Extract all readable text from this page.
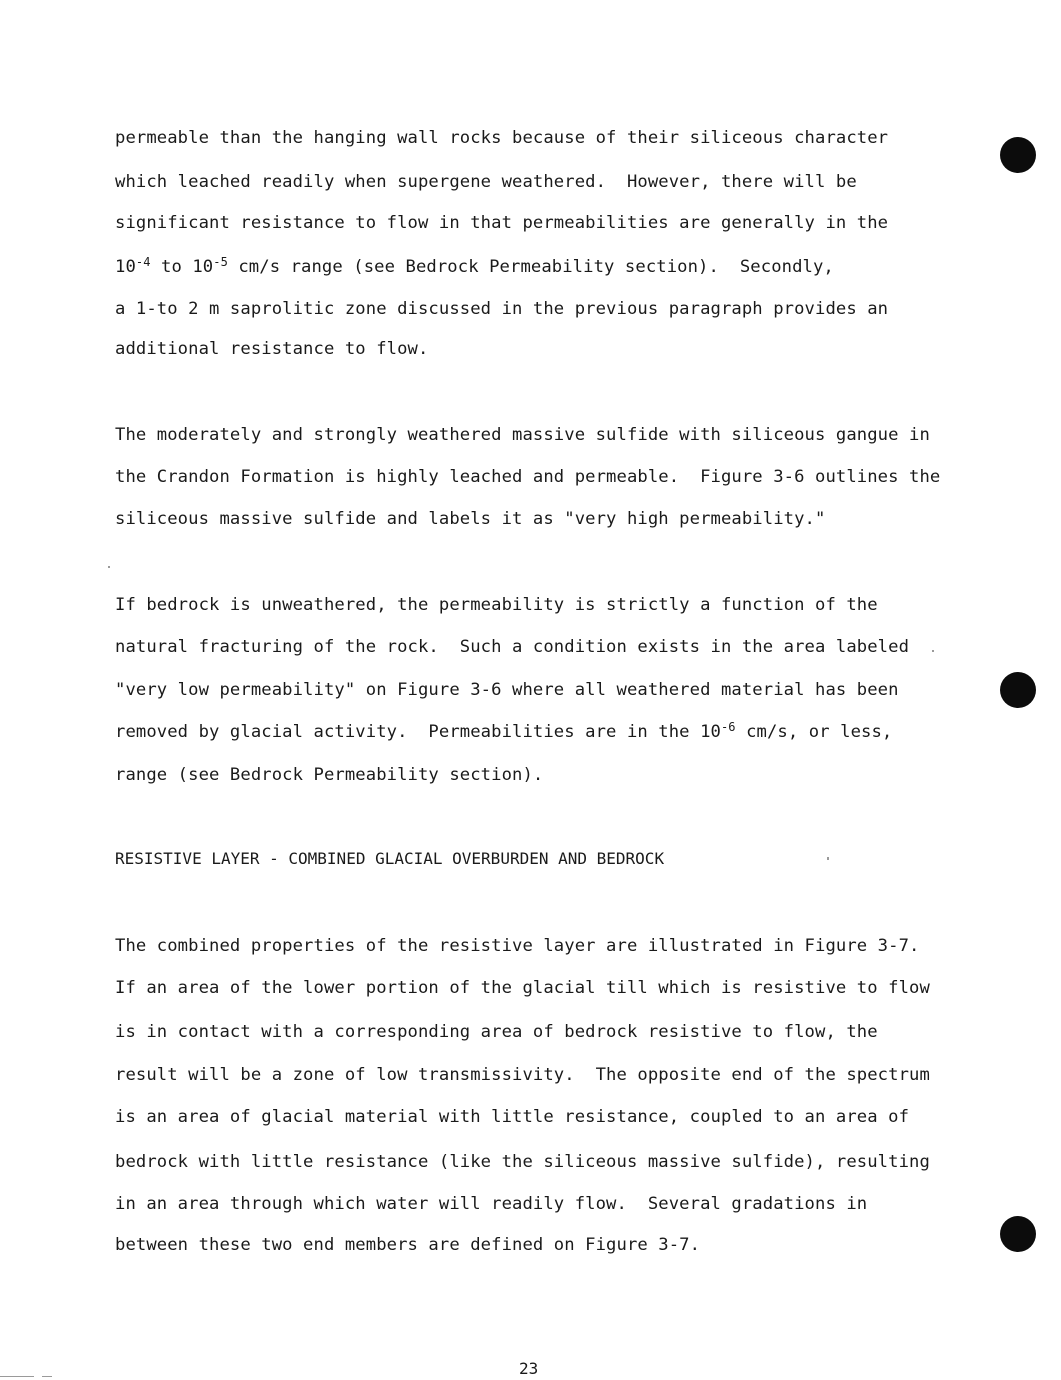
permeable than the hanging wall rocks because of their siliceous character
which leached readily when supergene weathered.  However, there will be
significant resistance to flow in that permeabilities are generally in the
$10^{-4}$ to $10^{-5}$ cm/s range (see Bedrock Permeability section).  Secondly,
a 1-to 2 m saprolitic zone discussed in the previous paragraph provides an
additional resistance to flow.
The moderately and strongly weathered massive sulfide with siliceous gangue in
the Crandon Formation is highly leached and permeable.  Figure 3-6 outlines the
siliceous massive sulfide and labels it as "very high permeability."
If bedrock is unweathered, the permeability is strictly a function of the
natural fracturing of the rock.  Such a condition exists in the area labeled
"very low permeability" on Figure 3-6 where all weathered material has been
removed by glacial activity.  Permeabilities are in the $10^{-6}$ cm/s, or less,
range (see Bedrock Permeability section).
RESISTIVE LAYER - COMBINED GLACIAL OVERBURDEN AND BEDROCK
The combined properties of the resistive layer are illustrated in Figure 3-7.
If an area of the lower portion of the glacial till which is resistive to flow
is in contact with a corresponding area of bedrock resistive to flow, the
result will be a zone of low transmissivity.  The opposite end of the spectrum
is an area of glacial material with little resistance, coupled to an area of
bedrock with little resistance (like the siliceous massive sulfide), resulting
in an area through which water will readily flow.  Several gradations in
between these two end members are defined on Figure 3-7.
23
